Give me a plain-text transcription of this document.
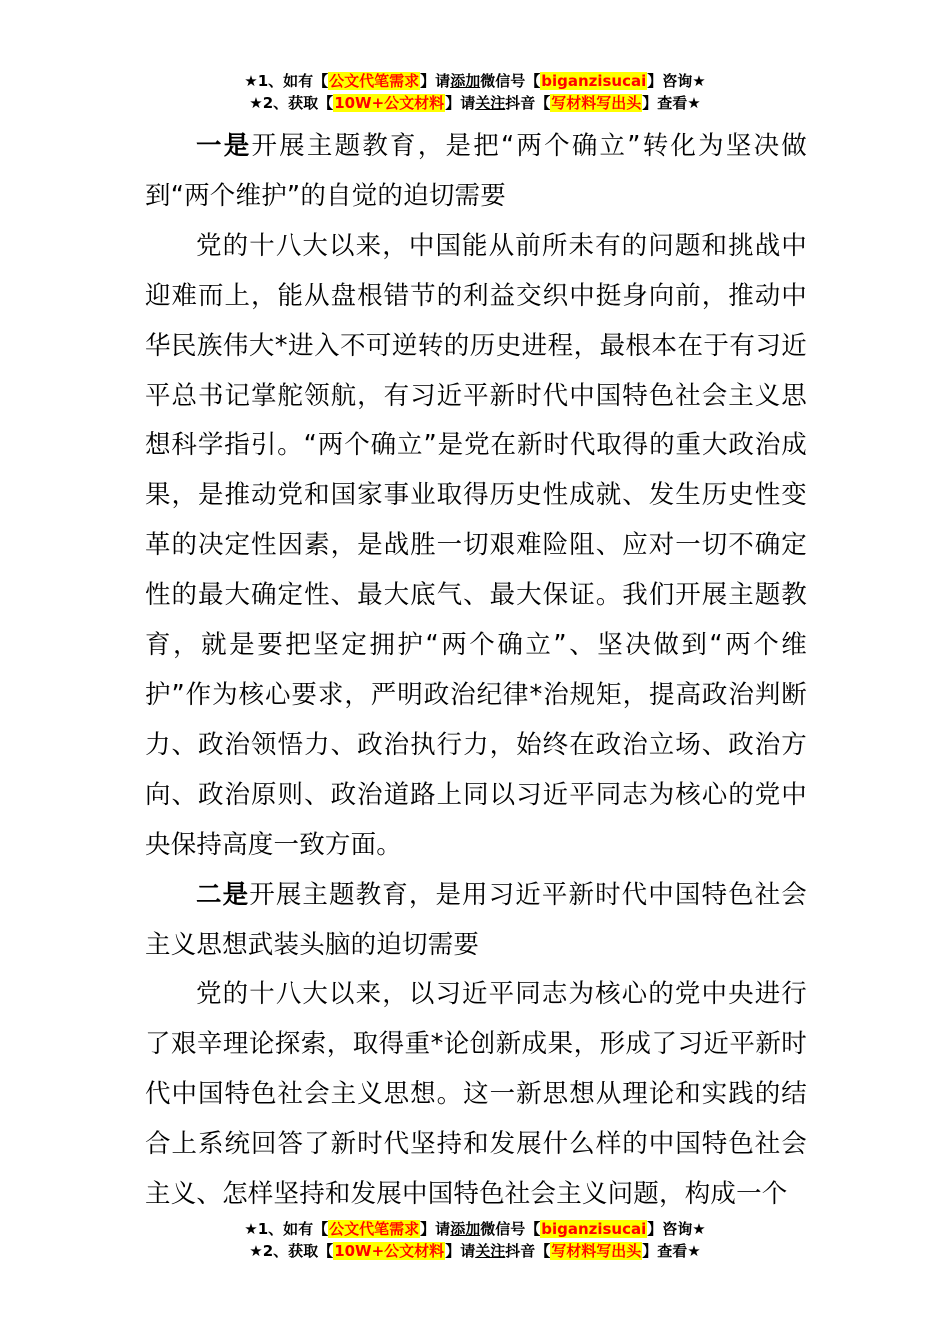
★1、如有【公文代笔需求】请添加微信号【biganzisucai】咨询★
★2、获取【10W+公文材料】请关注抖音【写材料写出头】查看★

一是开展主题教育，是把“两个确立”转化为坚决做到“两个维护”的自觉的迫切需要

党的十八大以来，中国能从前所未有的问题和挑战中迎难而上，能从盘根错节的利益交织中挺身向前，推动中华民族伟大*进入不可逆转的历史进程，最根本在于有习近平总书记掌舵领航，有习近平新时代中国特色社会主义思想科学指引。“两个确立”是党在新时代取得的重大政治成果，是推动党和国家事业取得历史性成就、发生历史性变革的决定性因素，是战胜一切艰难险阻、应对一切不确定性的最大确定性、最大底气、最大保证。我们开展主题教育，就是要把坚定拥护“两个确立”、坚决做到“两个维护”作为核心要求，严明政治纪律*治规矩，提高政治判断力、政治领悟力、政治执行力，始终在政治立场、政治方向、政治原则、政治道路上同以习近平同志为核心的党中央保持高度一致方面。

二是开展主题教育，是用习近平新时代中国特色社会主义思想武装头脑的迫切需要

党的十八大以来，以习近平同志为核心的党中央进行了艰辛理论探索，取得重*论创新成果，形成了习近平新时代中国特色社会主义思想。这一新思想从理论和实践的结合上系统回答了新时代坚持和发展什么样的中国特色社会主义、怎样坚持和发展中国特色社会主义问题，构成一个

★1、如有【公文代笔需求】请添加微信号【biganzisucai】咨询★
★2、获取【10W+公文材料】请关注抖音【写材料写出头】查看★
